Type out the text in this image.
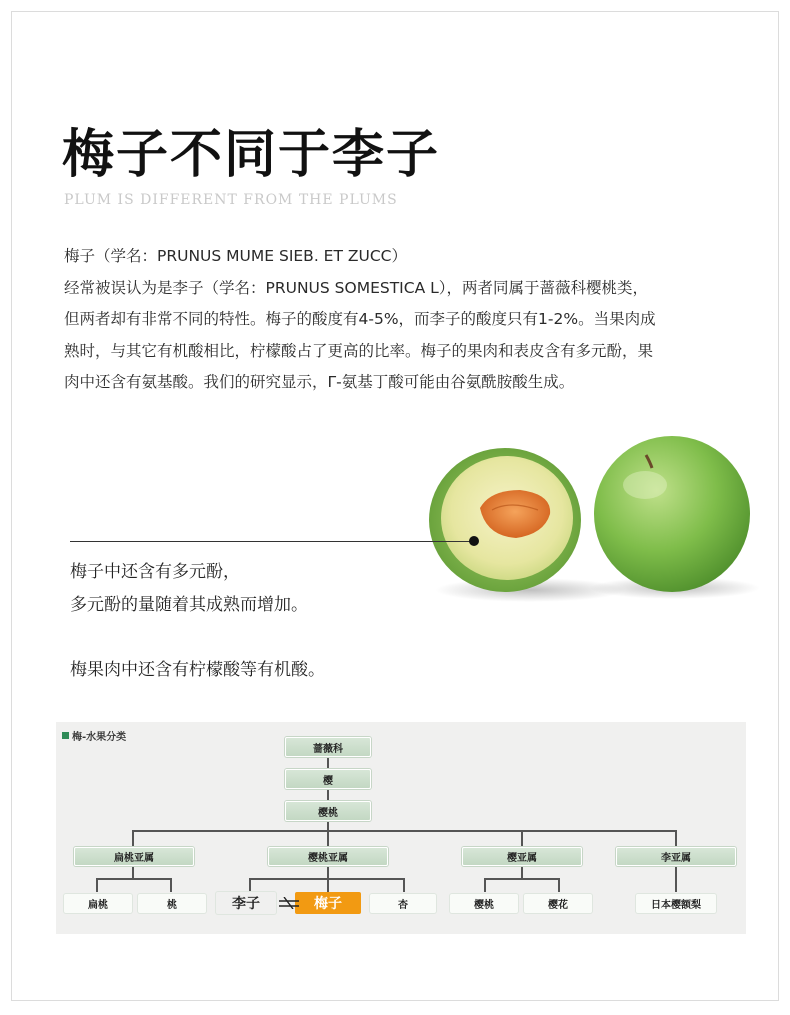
梅子不同于李子
PLUM IS DIFFERENT FROM THE PLUMS

梅子（学名：PRUNUS MUME SIEB. ET ZUCC）

经常被误认为是李子（学名：PRUNUS SOMESTICA L），两者同属于蔷薇科樱桃类，

但两者却有非常不同的特性。梅子的酸度有4-5%，而李子的酸度只有1-2%。当果肉成

熟时，与其它有机酸相比，柠檬酸占了更高的比率。梅子的果肉和表皮含有多元酚，果

肉中还含有氨基酸。我们的研究显示，Γ-氨基丁酸可能由谷氨酰胺酸生成。

梅子中还含有多元酚，

多元酚的量随着其成熟而增加。

梅果肉中还含有柠檬酸等有机酸。

梅-水果分类
蔷薇科
樱
樱桃
扁桃亚属	樱桃亚属	樱亚属	李亚属
扁桃	桃	李子	梅子	杏	樱桃	樱花	日本樱额梨
